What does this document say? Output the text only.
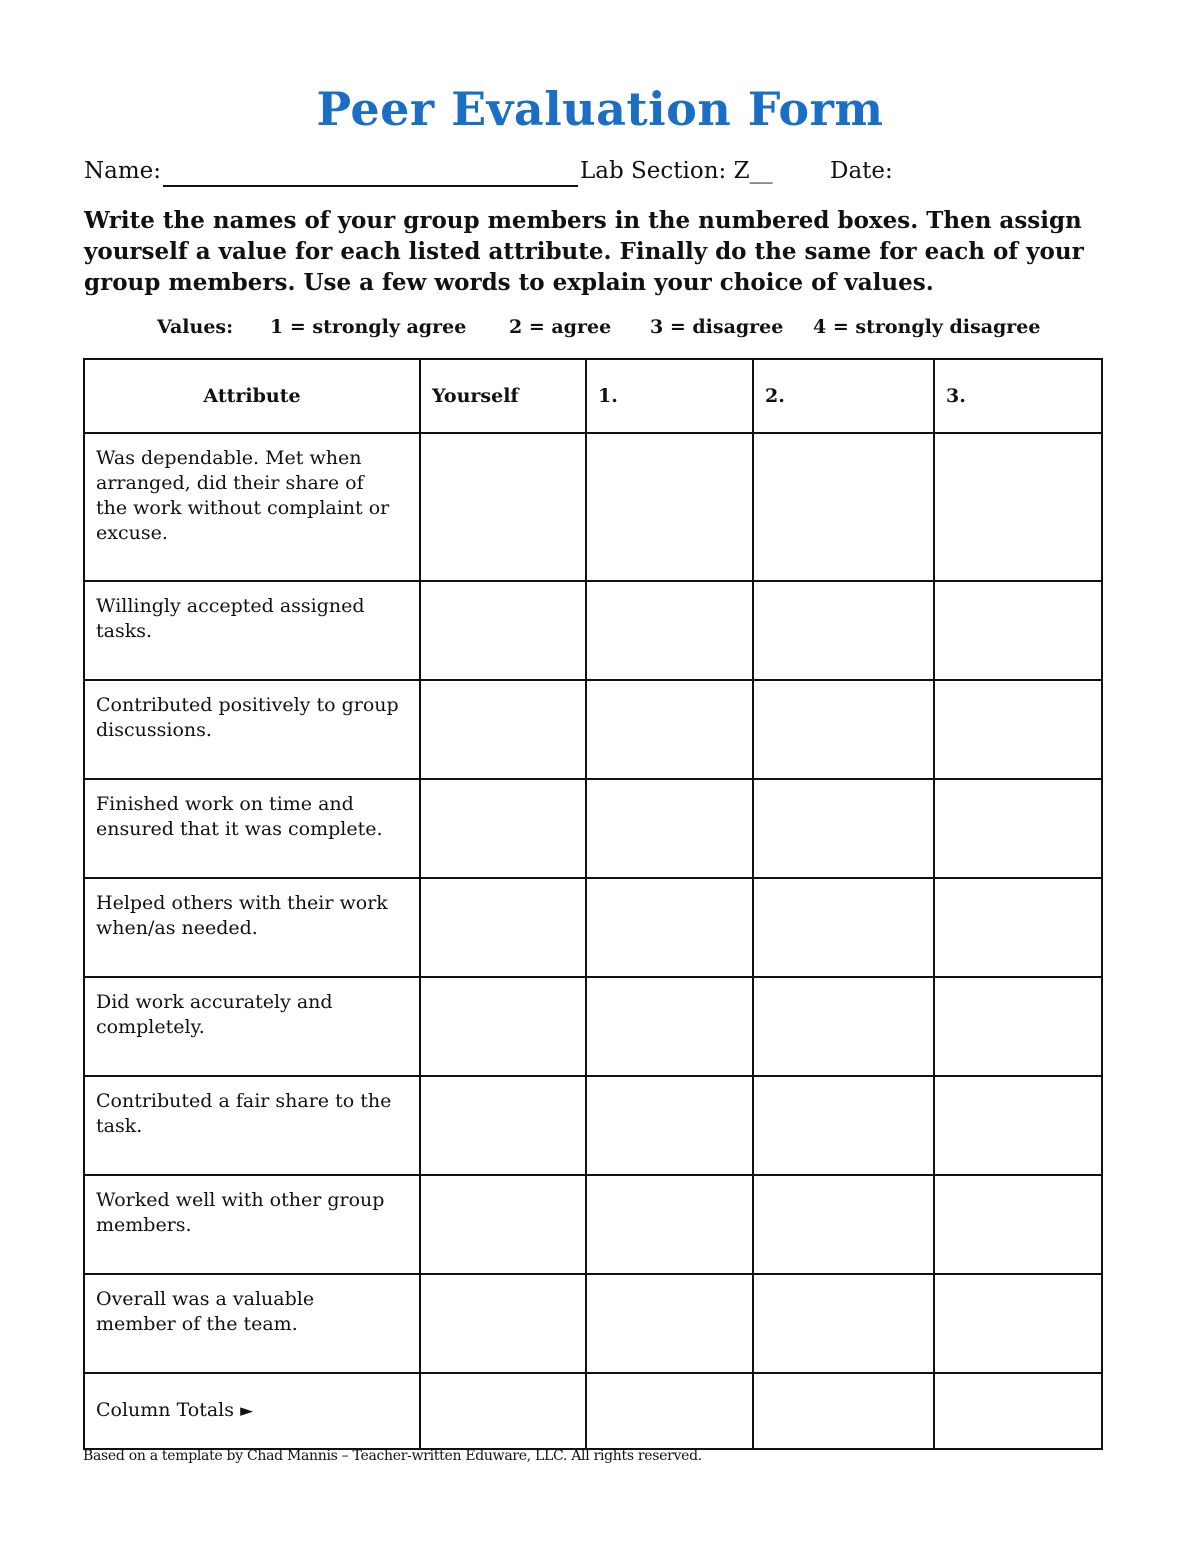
Peer Evaluation Form
Name:	Lab Section: Z__ Date:

Write the names of your group members in the numbered boxes. Then assign yourself a value for each listed attribute. Finally do the same for each of your group members. Use a few words to explain your choice of values.

Values: 1 = strongly agree 2 = agree 3 = disagree 4 = strongly disagree
Attribute	Yourself	1.	2.	3.

Was dependable. Met when arranged, did their share of the work without complaint or excuse.				
Willingly accepted assigned tasks.				
Contributed positively to group discussions.				
Finished work on time and ensured that it was complete.				
Helped others with their work when/as needed.				
Did work accurately and completely.				
Contributed a fair share to the task.				
Worked well with other group members.				
Overall was a valuable member of the team.				
Column Totals ►				
Based on a template by Chad Mannis – Teacher-written Eduware, LLC. All rights reserved.
